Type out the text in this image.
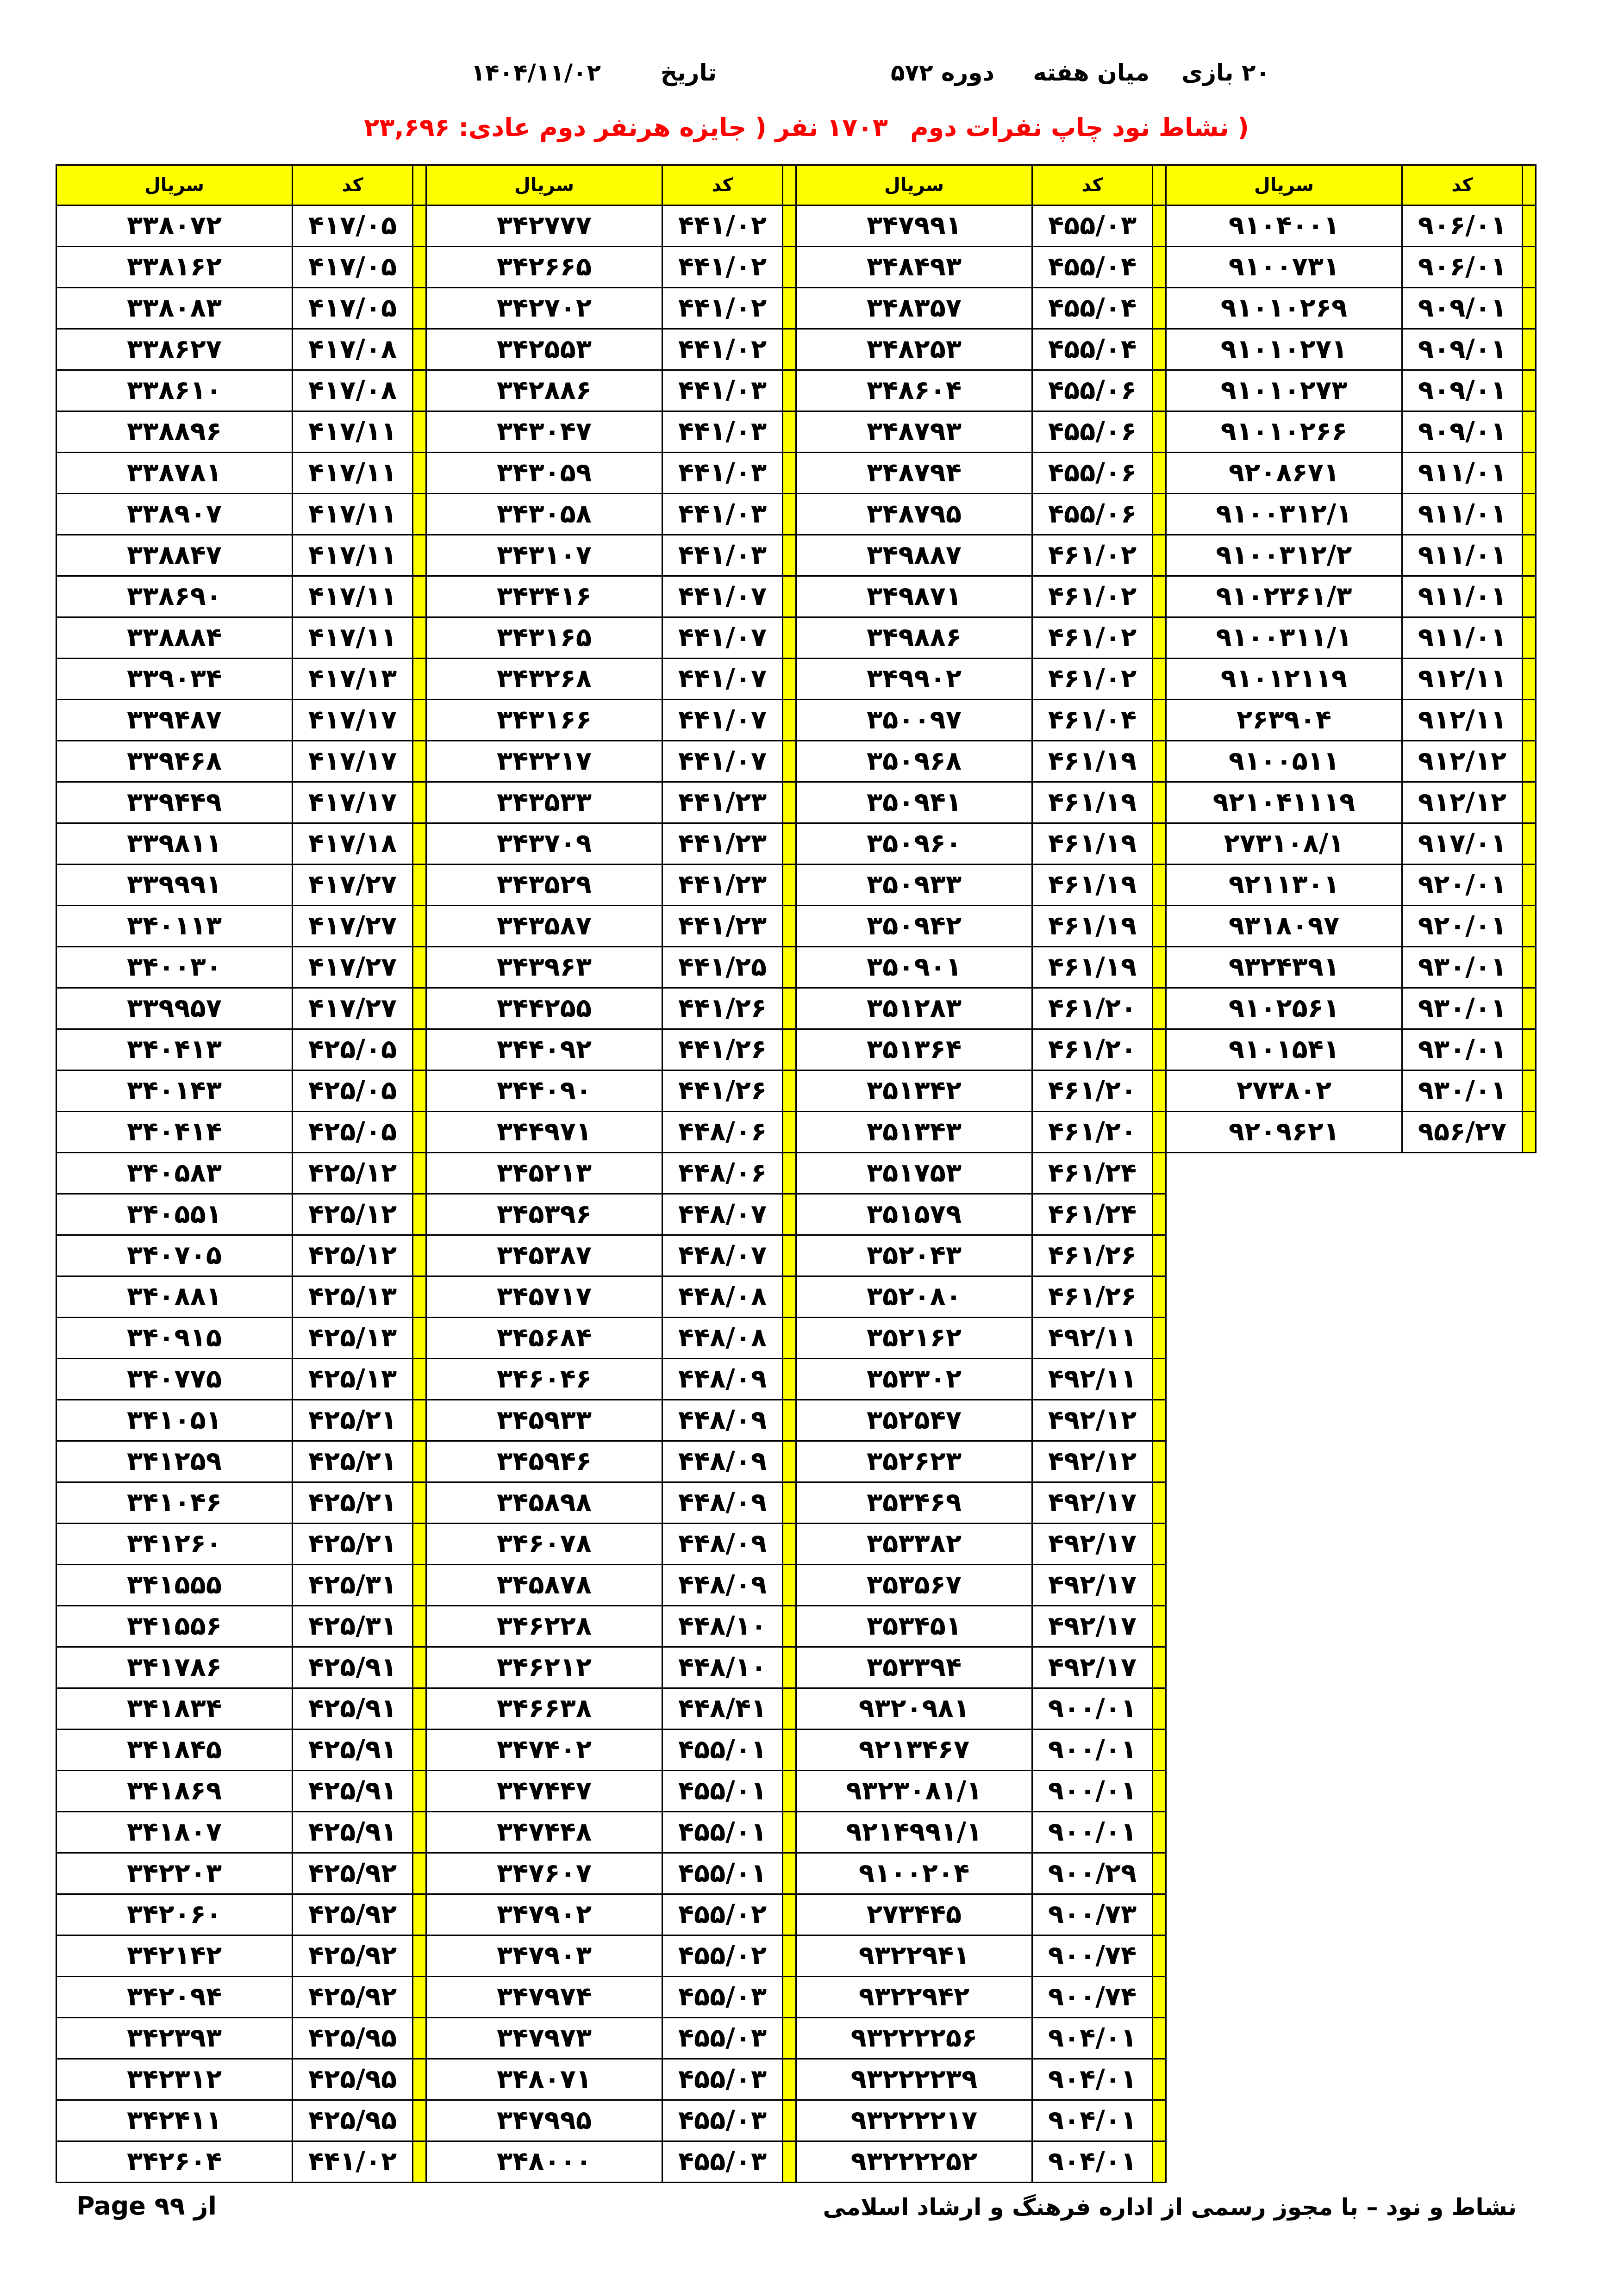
۲۰ بازی
میان هفته
دوره ۵۷۲
تاریخ
۱۴۰۴/۱۱/۰۲
( نشاط نود چاپ نفرات دوم
۱۷۰۳ نفر ( جایزه هرنفر دوم عادی: ۲۳,۶۹۶
	کد	سریال		کد	سریال		کد	سریال		کد	سریال
	۹۰۶/۰۱	۹۱۰۴۰۰۱		۴۵۵/۰۳	۳۴۷۹۹۱		۴۴۱/۰۲	۳۴۲۷۷۷		۴۱۷/۰۵	۳۳۸۰۷۲
	۹۰۶/۰۱	۹۱۰۰۷۳۱		۴۵۵/۰۴	۳۴۸۴۹۳		۴۴۱/۰۲	۳۴۲۶۶۵		۴۱۷/۰۵	۳۳۸۱۶۲
	۹۰۹/۰۱	۹۱۰۱۰۲۶۹		۴۵۵/۰۴	۳۴۸۳۵۷		۴۴۱/۰۲	۳۴۲۷۰۲		۴۱۷/۰۵	۳۳۸۰۸۳
	۹۰۹/۰۱	۹۱۰۱۰۲۷۱		۴۵۵/۰۴	۳۴۸۲۵۳		۴۴۱/۰۲	۳۴۲۵۵۳		۴۱۷/۰۸	۳۳۸۶۲۷
	۹۰۹/۰۱	۹۱۰۱۰۲۷۳		۴۵۵/۰۶	۳۴۸۶۰۴		۴۴۱/۰۳	۳۴۲۸۸۶		۴۱۷/۰۸	۳۳۸۶۱۰
	۹۰۹/۰۱	۹۱۰۱۰۲۶۶		۴۵۵/۰۶	۳۴۸۷۹۳		۴۴۱/۰۳	۳۴۳۰۴۷		۴۱۷/۱۱	۳۳۸۸۹۶
	۹۱۱/۰۱	۹۲۰۸۶۷۱		۴۵۵/۰۶	۳۴۸۷۹۴		۴۴۱/۰۳	۳۴۳۰۵۹		۴۱۷/۱۱	۳۳۸۷۸۱
	۹۱۱/۰۱	۹۱۰۰۳۱۲/۱		۴۵۵/۰۶	۳۴۸۷۹۵		۴۴۱/۰۳	۳۴۳۰۵۸		۴۱۷/۱۱	۳۳۸۹۰۷
	۹۱۱/۰۱	۹۱۰۰۳۱۲/۲		۴۶۱/۰۲	۳۴۹۸۸۷		۴۴۱/۰۳	۳۴۳۱۰۷		۴۱۷/۱۱	۳۳۸۸۴۷
	۹۱۱/۰۱	۹۱۰۲۳۶۱/۳		۴۶۱/۰۲	۳۴۹۸۷۱		۴۴۱/۰۷	۳۴۳۴۱۶		۴۱۷/۱۱	۳۳۸۶۹۰
	۹۱۱/۰۱	۹۱۰۰۳۱۱/۱		۴۶۱/۰۲	۳۴۹۸۸۶		۴۴۱/۰۷	۳۴۳۱۶۵		۴۱۷/۱۱	۳۳۸۸۸۴
	۹۱۲/۱۱	۹۱۰۱۲۱۱۹		۴۶۱/۰۲	۳۴۹۹۰۲		۴۴۱/۰۷	۳۴۳۲۶۸		۴۱۷/۱۳	۳۳۹۰۳۴
	۹۱۲/۱۱	۲۶۳۹۰۴		۴۶۱/۰۴	۳۵۰۰۹۷		۴۴۱/۰۷	۳۴۳۱۶۶		۴۱۷/۱۷	۳۳۹۴۸۷
	۹۱۲/۱۲	۹۱۰۰۵۱۱		۴۶۱/۱۹	۳۵۰۹۶۸		۴۴۱/۰۷	۳۴۳۲۱۷		۴۱۷/۱۷	۳۳۹۴۶۸
	۹۱۲/۱۲	۹۲۱۰۴۱۱۱۹		۴۶۱/۱۹	۳۵۰۹۴۱		۴۴۱/۲۳	۳۴۳۵۳۳		۴۱۷/۱۷	۳۳۹۴۴۹
	۹۱۷/۰۱	۲۷۳۱۰۸/۱		۴۶۱/۱۹	۳۵۰۹۶۰		۴۴۱/۲۳	۳۴۳۷۰۹		۴۱۷/۱۸	۳۳۹۸۱۱
	۹۲۰/۰۱	۹۲۱۱۳۰۱		۴۶۱/۱۹	۳۵۰۹۳۳		۴۴۱/۲۳	۳۴۳۵۲۹		۴۱۷/۲۷	۳۳۹۹۹۱
	۹۲۰/۰۱	۹۳۱۸۰۹۷		۴۶۱/۱۹	۳۵۰۹۴۲		۴۴۱/۲۳	۳۴۳۵۸۷		۴۱۷/۲۷	۳۴۰۱۱۳
	۹۳۰/۰۱	۹۳۲۴۳۹۱		۴۶۱/۱۹	۳۵۰۹۰۱		۴۴۱/۲۵	۳۴۳۹۶۳		۴۱۷/۲۷	۳۴۰۰۳۰
	۹۳۰/۰۱	۹۱۰۲۵۶۱		۴۶۱/۲۰	۳۵۱۲۸۳		۴۴۱/۲۶	۳۴۴۲۵۵		۴۱۷/۲۷	۳۳۹۹۵۷
	۹۳۰/۰۱	۹۱۰۱۵۴۱		۴۶۱/۲۰	۳۵۱۳۶۴		۴۴۱/۲۶	۳۴۴۰۹۲		۴۲۵/۰۵	۳۴۰۴۱۳
	۹۳۰/۰۱	۲۷۳۸۰۲		۴۶۱/۲۰	۳۵۱۳۴۲		۴۴۱/۲۶	۳۴۴۰۹۰		۴۲۵/۰۵	۳۴۰۱۴۳
	۹۵۶/۲۷	۹۲۰۹۶۲۱		۴۶۱/۲۰	۳۵۱۳۴۳		۴۴۸/۰۶	۳۴۴۹۷۱		۴۲۵/۰۵	۳۴۰۴۱۴
				۴۶۱/۲۴	۳۵۱۷۵۳		۴۴۸/۰۶	۳۴۵۲۱۳		۴۲۵/۱۲	۳۴۰۵۸۳
				۴۶۱/۲۴	۳۵۱۵۷۹		۴۴۸/۰۷	۳۴۵۳۹۶		۴۲۵/۱۲	۳۴۰۵۵۱
				۴۶۱/۲۶	۳۵۲۰۴۳		۴۴۸/۰۷	۳۴۵۳۸۷		۴۲۵/۱۲	۳۴۰۷۰۵
				۴۶۱/۲۶	۳۵۲۰۸۰		۴۴۸/۰۸	۳۴۵۷۱۷		۴۲۵/۱۳	۳۴۰۸۸۱
				۴۹۲/۱۱	۳۵۲۱۶۲		۴۴۸/۰۸	۳۴۵۶۸۴		۴۲۵/۱۳	۳۴۰۹۱۵
				۴۹۲/۱۱	۳۵۳۳۰۲		۴۴۸/۰۹	۳۴۶۰۴۶		۴۲۵/۱۳	۳۴۰۷۷۵
				۴۹۲/۱۲	۳۵۲۵۴۷		۴۴۸/۰۹	۳۴۵۹۳۳		۴۲۵/۲۱	۳۴۱۰۵۱
				۴۹۲/۱۲	۳۵۲۶۲۳		۴۴۸/۰۹	۳۴۵۹۴۶		۴۲۵/۲۱	۳۴۱۲۵۹
				۴۹۲/۱۷	۳۵۳۴۶۹		۴۴۸/۰۹	۳۴۵۸۹۸		۴۲۵/۲۱	۳۴۱۰۴۶
				۴۹۲/۱۷	۳۵۳۳۸۲		۴۴۸/۰۹	۳۴۶۰۷۸		۴۲۵/۲۱	۳۴۱۲۶۰
				۴۹۲/۱۷	۳۵۳۵۶۷		۴۴۸/۰۹	۳۴۵۸۷۸		۴۲۵/۳۱	۳۴۱۵۵۵
				۴۹۲/۱۷	۳۵۳۴۵۱		۴۴۸/۱۰	۳۴۶۲۲۸		۴۲۵/۳۱	۳۴۱۵۵۶
				۴۹۲/۱۷	۳۵۳۳۹۴		۴۴۸/۱۰	۳۴۶۲۱۲		۴۲۵/۹۱	۳۴۱۷۸۶
				۹۰۰/۰۱	۹۳۲۰۹۸۱		۴۴۸/۴۱	۳۴۶۶۳۸		۴۲۵/۹۱	۳۴۱۸۳۴
				۹۰۰/۰۱	۹۲۱۳۴۶۷		۴۵۵/۰۱	۳۴۷۴۰۲		۴۲۵/۹۱	۳۴۱۸۴۵
				۹۰۰/۰۱	۹۳۲۳۰۸۱/۱		۴۵۵/۰۱	۳۴۷۴۴۷		۴۲۵/۹۱	۳۴۱۸۶۹
				۹۰۰/۰۱	۹۲۱۴۹۹۱/۱		۴۵۵/۰۱	۳۴۷۴۴۸		۴۲۵/۹۱	۳۴۱۸۰۷
				۹۰۰/۲۹	۹۱۰۰۲۰۴		۴۵۵/۰۱	۳۴۷۶۰۷		۴۲۵/۹۲	۳۴۲۲۰۳
				۹۰۰/۷۳	۲۷۳۴۴۵		۴۵۵/۰۲	۳۴۷۹۰۲		۴۲۵/۹۲	۳۴۲۰۶۰
				۹۰۰/۷۴	۹۳۲۲۹۴۱		۴۵۵/۰۲	۳۴۷۹۰۳		۴۲۵/۹۲	۳۴۲۱۴۲
				۹۰۰/۷۴	۹۳۲۲۹۴۲		۴۵۵/۰۳	۳۴۷۹۷۴		۴۲۵/۹۲	۳۴۲۰۹۴
				۹۰۴/۰۱	۹۳۲۲۲۲۵۶		۴۵۵/۰۳	۳۴۷۹۷۳		۴۲۵/۹۵	۳۴۲۳۹۳
				۹۰۴/۰۱	۹۳۲۲۲۲۳۹		۴۵۵/۰۳	۳۴۸۰۷۱		۴۲۵/۹۵	۳۴۲۳۱۲
				۹۰۴/۰۱	۹۳۲۲۲۲۱۷		۴۵۵/۰۳	۳۴۷۹۹۵		۴۲۵/۹۵	۳۴۲۴۱۱
				۹۰۴/۰۱	۹۳۲۲۲۲۵۲		۴۵۵/۰۳	۳۴۸۰۰۰		۴۴۱/۰۲	۳۴۲۶۰۴
نشاط و نود – با مجوز رسمی از اداره فرهنگ و ارشاد اسلامی
Page ۹۹ از
